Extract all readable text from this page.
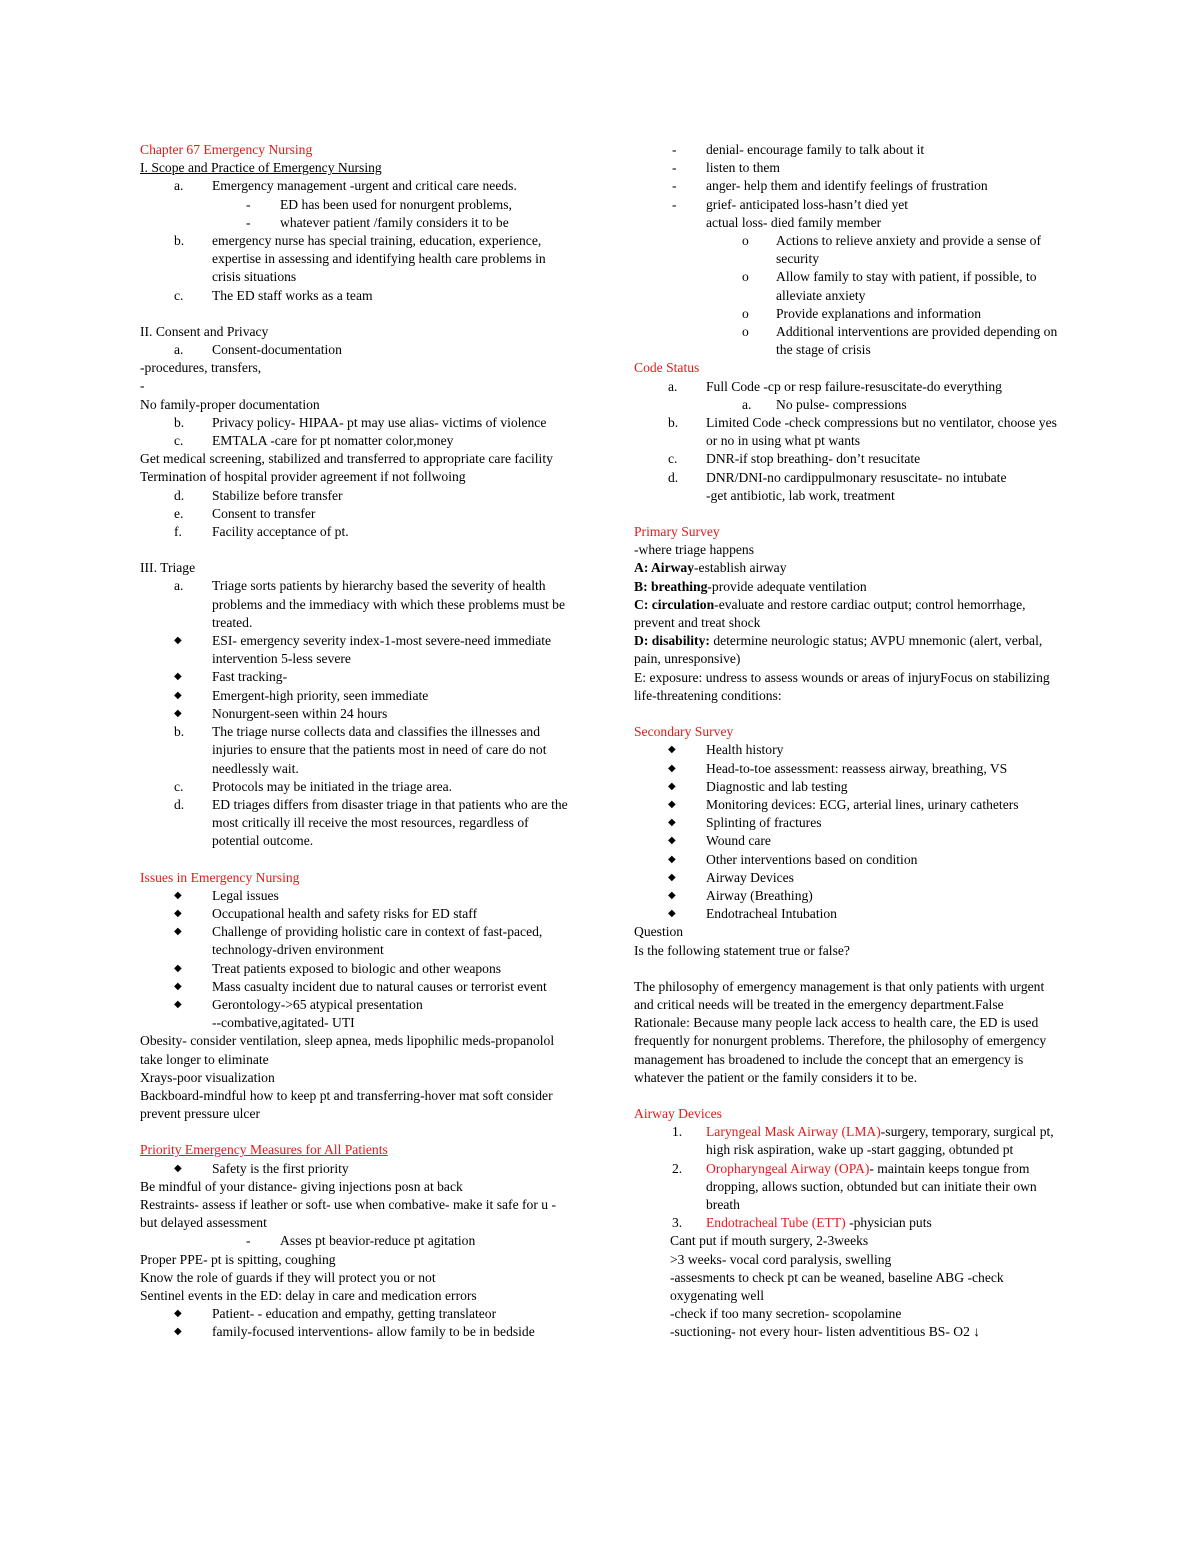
Chapter 67 Emergency Nursing

I. Scope and Practice of Emergency Nursing

a. Emergency management -urgent and critical care needs.
- ED has been used for nonurgent problems,
- whatever patient /family considers it to be
b. emergency nurse has special training, education, experience, expertise in assessing and identifying health care problems in crisis situations
c. The ED staff works as a team

II. Consent and Privacy

a. Consent-documentation

-procedures, transfers,

-

No family-proper documentation

b. Privacy policy- HIPAA- pt may use alias- victims of violence
c. EMTALA -care for pt nomatter color,money

Get medical screening, stabilized and transferred to appropriate care facility

Termination of hospital provider agreement if not follwoing

d. Stabilize before transfer
e. Consent to transfer
f. Facility acceptance of pt.

III. Triage

a. Triage sorts patients by hierarchy based the severity of health problems and the immediacy with which these problems must be treated.
◆ ESI- emergency severity index-1-most severe-need immediate intervention 5-less severe
◆ Fast tracking-
◆ Emergent-high priority, seen immediate
◆ Nonurgent-seen within 24 hours
b. The triage nurse collects data and classifies the illnesses and injuries to ensure that the patients most in need of care do not needlessly wait.
c. Protocols may be initiated in the triage area.
d. ED triages differs from disaster triage in that patients who are the most critically ill receive the most resources, regardless of potential outcome.

Issues in Emergency Nursing

◆ Legal issues
◆ Occupational health and safety risks for ED staff
◆ Challenge of providing holistic care in context of fast-paced, technology-driven environment
◆ Treat patients exposed to biologic and other weapons
◆ Mass casualty incident due to natural causes or terrorist event
◆ Gerontology->65 atypical presentation

--combative,agitated- UTI

Obesity- consider ventilation, sleep apnea, meds lipophilic meds-propanolol take longer to eliminate

Xrays-poor visualization

Backboard-mindful how to keep pt and transferring-hover mat soft consider prevent pressure ulcer

Priority Emergency Measures for All Patients

◆ Safety is the first priority

Be mindful of your distance- giving injections posn at back

Restraints- assess if leather or soft- use when combative- make it safe for u -but delayed assessment

- Asses pt beavior-reduce pt agitation

Proper PPE- pt is spitting, coughing

Know the role of guards if they will protect you or not

Sentinel events in the ED: delay in care and medication errors

◆ Patient- - education and empathy, getting translateor
◆ family-focused interventions- allow family to be in bedside
- denial- encourage family to talk about it
- listen to them
- anger- help them and identify feelings of frustration
- grief- anticipated loss-hasn’t died yet

actual loss- died family member

o Actions to relieve anxiety and provide a sense of security
o Allow family to stay with patient, if possible, to alleviate anxiety
o Provide explanations and information
o Additional interventions are provided depending on the stage of crisis

Code Status

a. Full Code -cp or resp failure-resuscitate-do everything
a. No pulse- compressions
b. Limited Code -check compressions but no ventilator, choose yes or no in using what pt wants
c. DNR-if stop breathing- don’t resucitate
d. DNR/DNI-no cardippulmonary resuscitate- no intubate

-get antibiotic, lab work, treatment

Primary Survey

-where triage happens

A: Airway-establish airway

B: breathing-provide adequate ventilation

C: circulation-evaluate and restore cardiac output; control hemorrhage, prevent and treat shock

D: disability: determine neurologic status; AVPU mnemonic (alert, verbal, pain, unresponsive)

E: exposure: undress to assess wounds or areas of injuryFocus on stabilizing life-threatening conditions:

Secondary Survey

◆ Health history
◆ Head-to-toe assessment: reassess airway, breathing, VS
◆ Diagnostic and lab testing
◆ Monitoring devices: ECG, arterial lines, urinary catheters
◆ Splinting of fractures
◆ Wound care
◆ Other interventions based on condition
◆ Airway Devices
◆ Airway (Breathing)
◆ Endotracheal Intubation

Question

Is the following statement true or false?

The philosophy of emergency management is that only patients with urgent and critical needs will be treated in the emergency department.False

Rationale: Because many people lack access to health care, the ED is used frequently for nonurgent problems. Therefore, the philosophy of emergency management has broadened to include the concept that an emergency is whatever the patient or the family considers it to be.

Airway Devices

1. Laryngeal Mask Airway (LMA)-surgery, temporary, surgical pt, high risk aspiration, wake up -start gagging, obtunded pt
2. Oropharyngeal Airway (OPA)- maintain keeps tongue from dropping, allows suction, obtunded but can initiate their own breath
3. Endotracheal Tube (ETT) -physician puts

Cant put if mouth surgery, 2-3weeks

>3 weeks- vocal cord paralysis, swelling

-assesments to check pt can be weaned, baseline ABG -check oxygenating well

-check if too many secretion- scopolamine

-suctioning- not every hour- listen adventitious BS- O2 ↓
